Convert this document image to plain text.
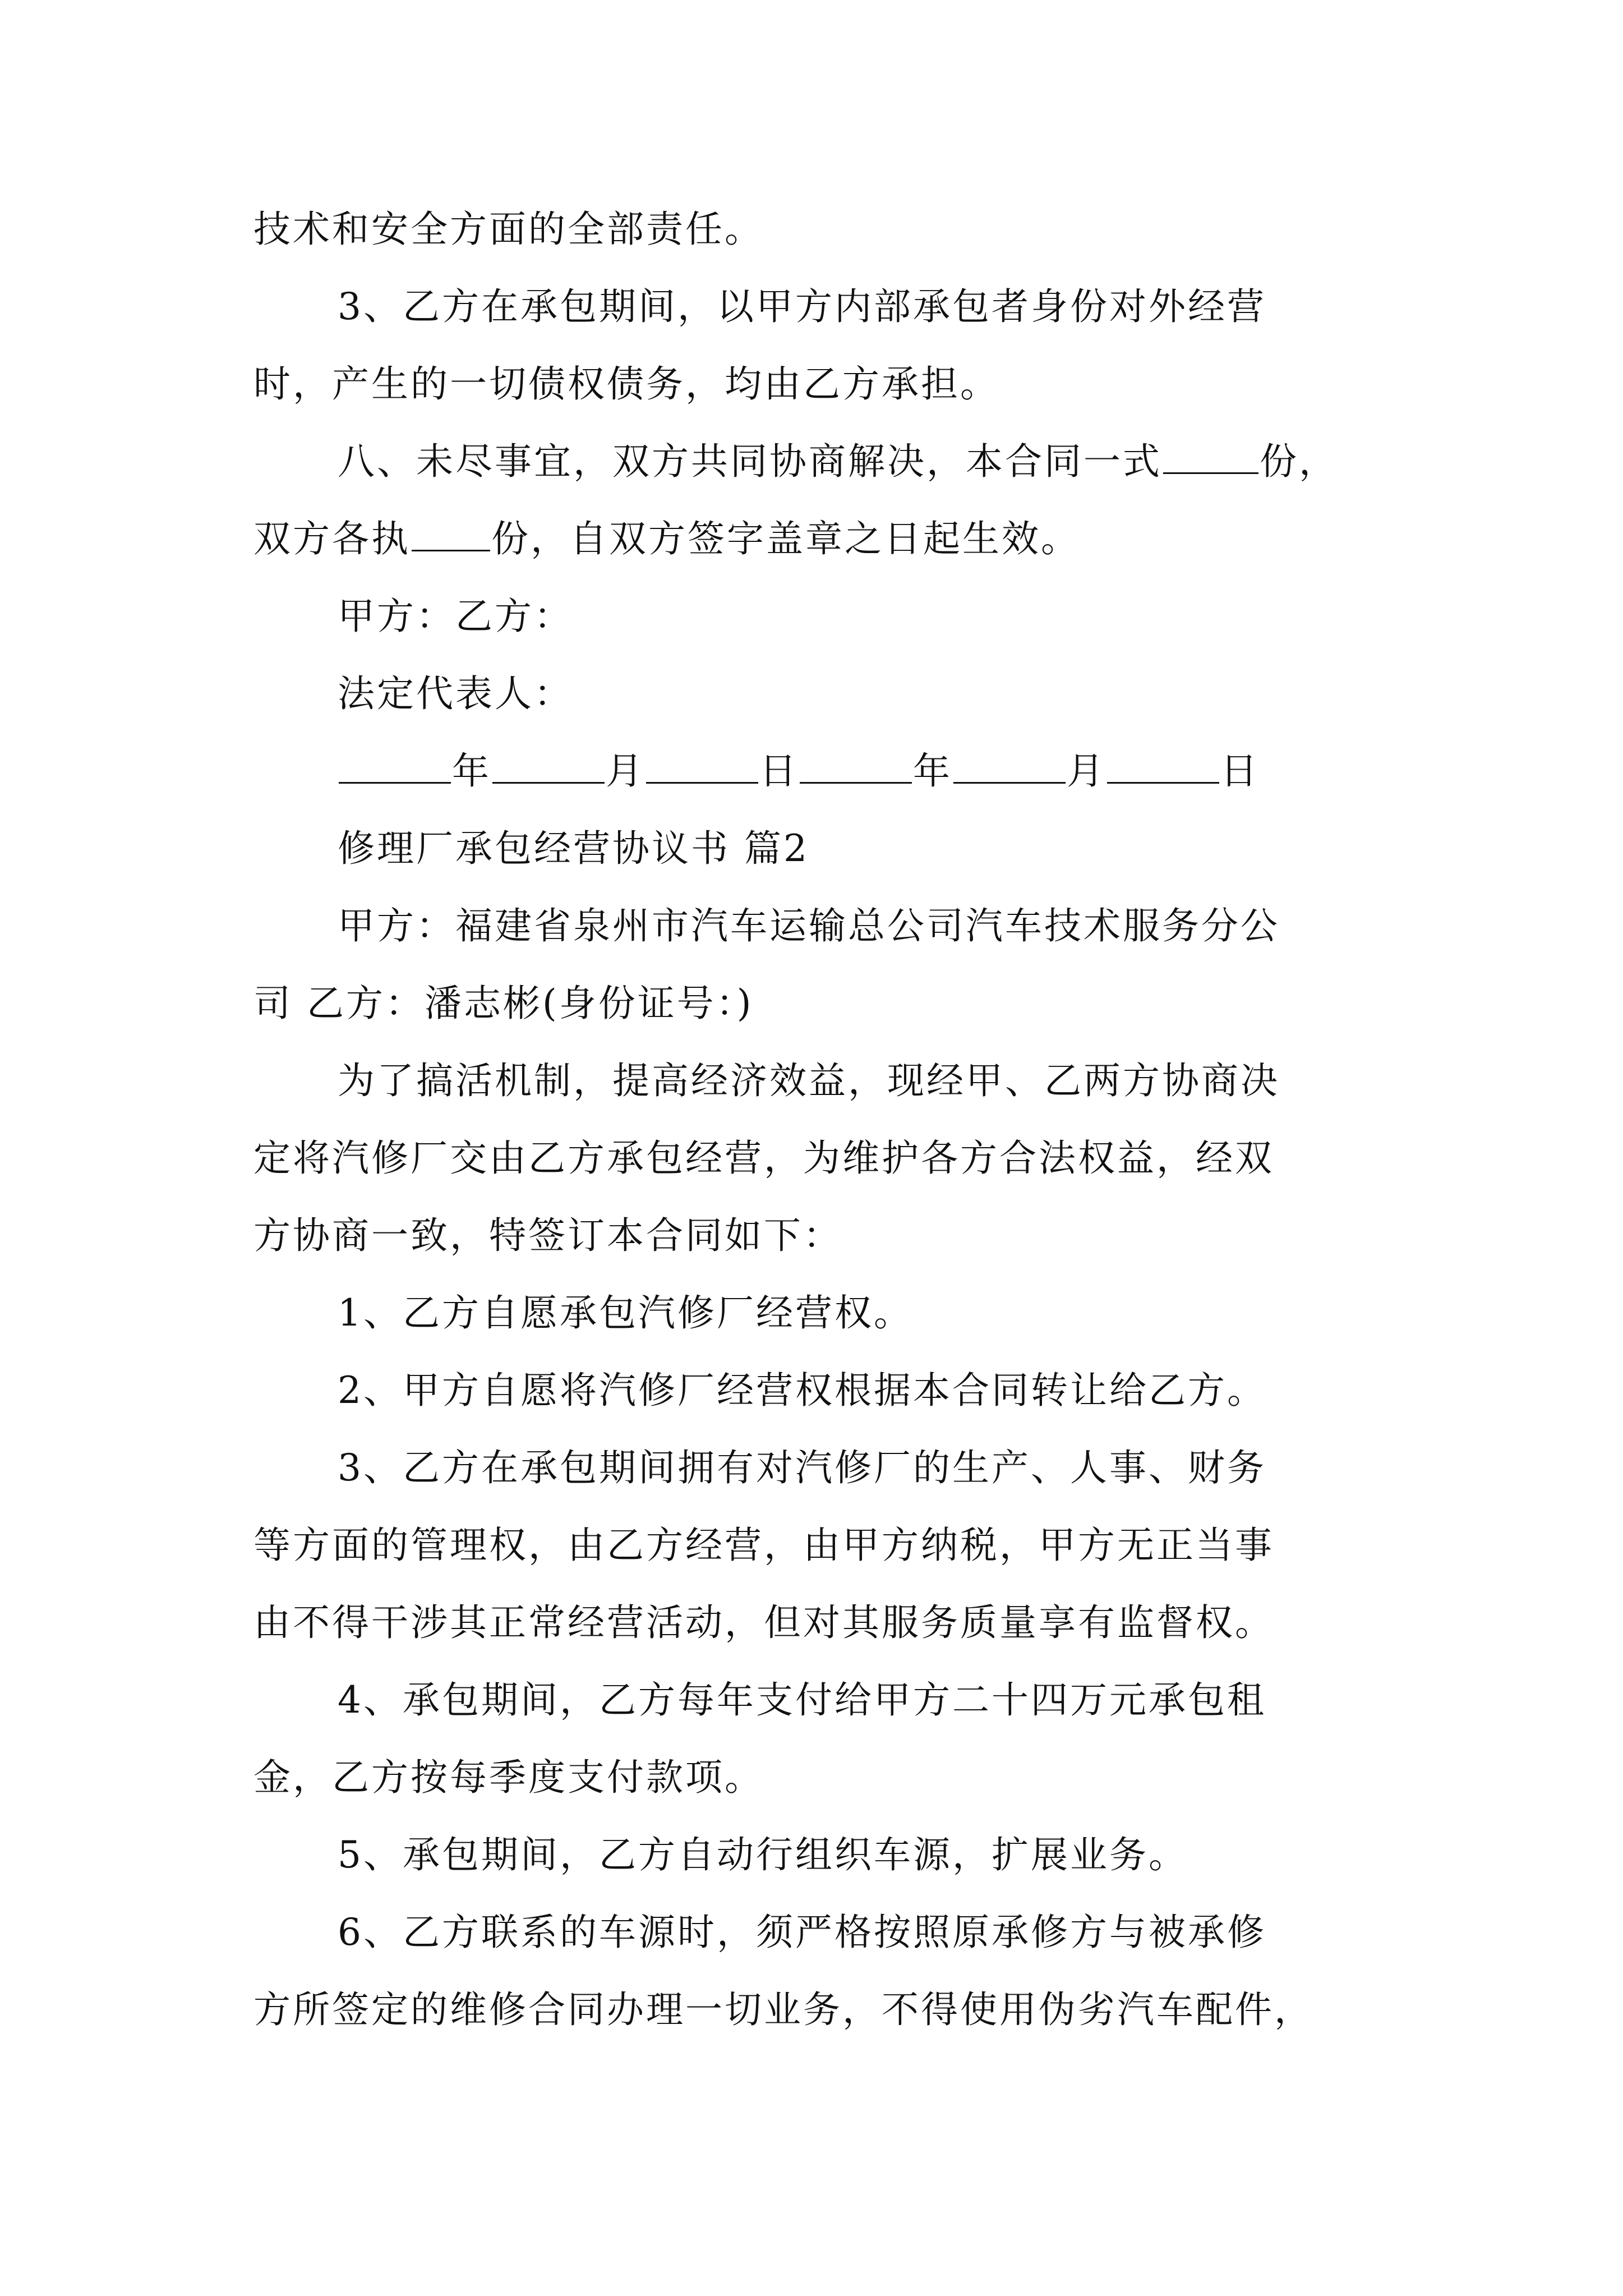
技术和安全方面的全部责任。

3、乙方在承包期间，以甲方内部承包者身份对外经营

时，产生的一切债权债务，均由乙方承担。

八、未尽事宜，双方共同协商解决，本合同一式	份，

双方各执 份，自双方签字盖章之日起生效。

甲方：乙方：

法定代表人：

年	月	日	年	月	日

修理厂承包经营协议书 篇2

甲方：福建省泉州市汽车运输总公司汽车技术服务分公

司 乙方：潘志彬(身份证号：)

为了搞活机制，提高经济效益，现经甲、乙两方协商决

定将汽修厂交由乙方承包经营，为维护各方合法权益，经双

方协商一致，特签订本合同如下：

1、乙方自愿承包汽修厂经营权。

2、甲方自愿将汽修厂经营权根据本合同转让给乙方。

3、乙方在承包期间拥有对汽修厂的生产、人事、财务

等方面的管理权，由乙方经营，由甲方纳税，甲方无正当事

由不得干涉其正常经营活动，但对其服务质量享有监督权。

4、承包期间，乙方每年支付给甲方二十四万元承包租

金，乙方按每季度支付款项。

5、承包期间，乙方自动行组织车源，扩展业务。

6、乙方联系的车源时，须严格按照原承修方与被承修

方所签定的维修合同办理一切业务，不得使用伪劣汽车配件，
